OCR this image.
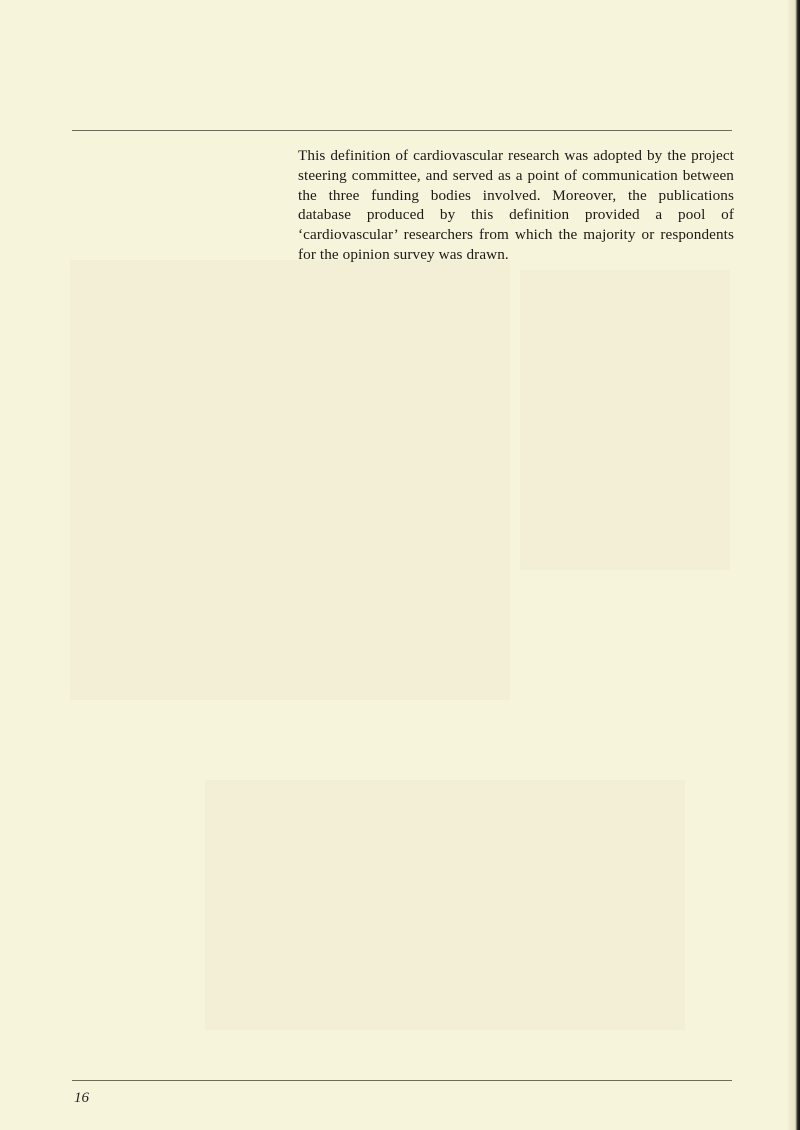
This definition of cardiovascular research was adopted by the project steering committee, and served as a point of communication between the three funding bodies involved. Moreover, the publications database produced by this definition provided a pool of ‘cardiovascular’ researchers from which the majority or respondents for the opinion survey was drawn.

16
